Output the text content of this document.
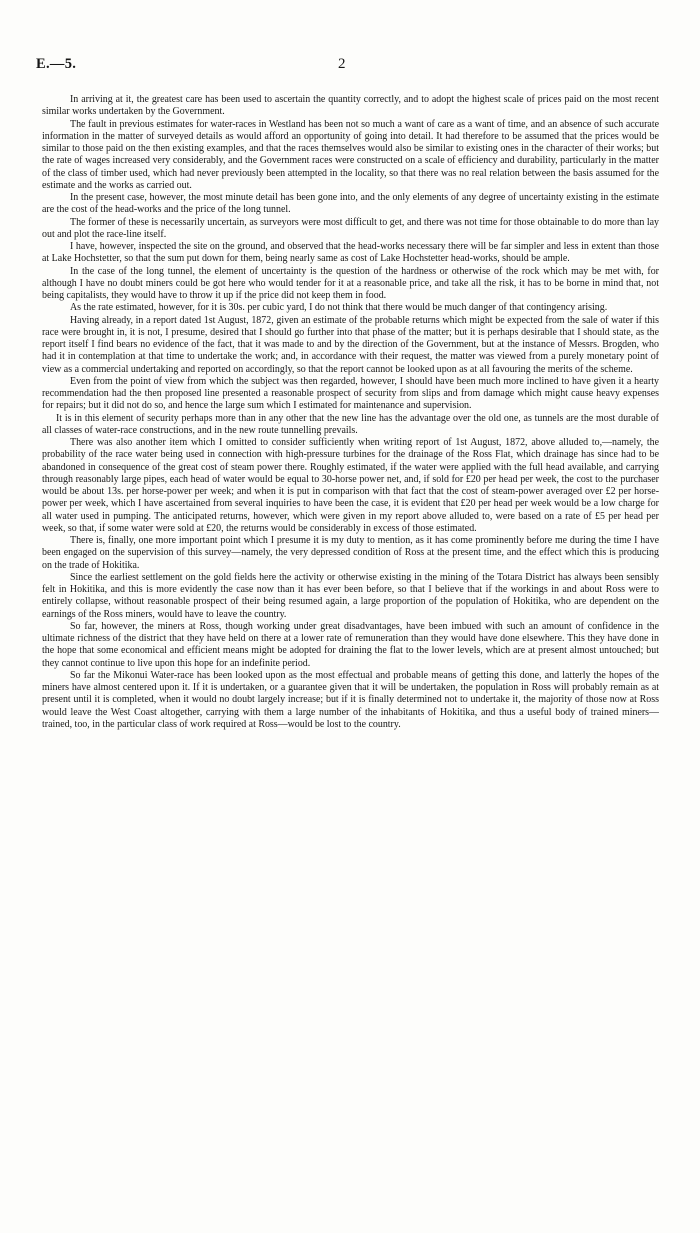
E.—5.	2

In arriving at it, the greatest care has been used to ascertain the quantity correctly, and to adopt the highest scale of prices paid on the most recent similar works undertaken by the Government.

The fault in previous estimates for water-races in Westland has been not so much a want of care as a want of time, and an absence of such accurate information in the matter of surveyed details as would afford an opportunity of going into detail. It had therefore to be assumed that the prices would be similar to those paid on the then existing examples, and that the races themselves would also be similar to existing ones in the character of their works; but the rate of wages increased very considerably, and the Government races were constructed on a scale of efficiency and durability, particularly in the matter of the class of timber used, which had never previously been attempted in the locality, so that there was no real relation between the basis assumed for the estimate and the works as carried out.

In the present case, however, the most minute detail has been gone into, and the only elements of any degree of uncertainty existing in the estimate are the cost of the head-works and the price of the long tunnel.

The former of these is necessarily uncertain, as surveyors were most difficult to get, and there was not time for those obtainable to do more than lay out and plot the race-line itself.

I have, however, inspected the site on the ground, and observed that the head-works necessary there will be far simpler and less in extent than those at Lake Hochstetter, so that the sum put down for them, being nearly same as cost of Lake Hochstetter head-works, should be ample.

In the case of the long tunnel, the element of uncertainty is the question of the hardness or otherwise of the rock which may be met with, for although I have no doubt miners could be got here who would tender for it at a reasonable price, and take all the risk, it has to be borne in mind that, not being capitalists, they would have to throw it up if the price did not keep them in food.

As the rate estimated, however, for it is 30s. per cubic yard, I do not think that there would be much danger of that contingency arising.

Having already, in a report dated 1st August, 1872, given an estimate of the probable returns which might be expected from the sale of water if this race were brought in, it is not, I presume, desired that I should go further into that phase of the matter; but it is perhaps desirable that I should state, as the report itself I find bears no evidence of the fact, that it was made to and by the direction of the Government, but at the instance of Messrs. Brogden, who had it in contemplation at that time to undertake the work; and, in accordance with their request, the matter was viewed from a purely monetary point of view as a commercial undertaking and reported on accordingly, so that the report cannot be looked upon as at all favouring the merits of the scheme.

Even from the point of view from which the subject was then regarded, however, I should have been much more inclined to have given it a hearty recommendation had the then proposed line presented a reasonable prospect of security from slips and from damage which might cause heavy expenses for repairs; but it did not do so, and hence the large sum which I estimated for maintenance and supervision.

It is in this element of security perhaps more than in any other that the new line has the advantage over the old one, as tunnels are the most durable of all classes of water-race constructions, and in the new route tunnelling prevails.

There was also another item which I omitted to consider sufficiently when writing report of 1st August, 1872, above alluded to,—namely, the probability of the race water being used in connection with high-pressure turbines for the drainage of the Ross Flat, which drainage has since had to be abandoned in consequence of the great cost of steam power there. Roughly estimated, if the water were applied with the full head available, and carrying through reasonably large pipes, each head of water would be equal to 30-horse power net, and, if sold for £20 per head per week, the cost to the purchaser would be about 13s. per horse-power per week; and when it is put in comparison with that fact that the cost of steam-power averaged over £2 per horse-power per week, which I have ascertained from several inquiries to have been the case, it is evident that £20 per head per week would be a low charge for all water used in pumping. The anticipated returns, however, which were given in my report above alluded to, were based on a rate of £5 per head per week, so that, if some water were sold at £20, the returns would be considerably in excess of those estimated.

There is, finally, one more important point which I presume it is my duty to mention, as it has come prominently before me during the time I have been engaged on the supervision of this survey—namely, the very depressed condition of Ross at the present time, and the effect which this is producing on the trade of Hokitika.

Since the earliest settlement on the gold fields here the activity or otherwise existing in the mining of the Totara District has always been sensibly felt in Hokitika, and this is more evidently the case now than it has ever been before, so that I believe that if the workings in and about Ross were to entirely collapse, without reasonable prospect of their being resumed again, a large proportion of the population of Hokitika, who are dependent on the earnings of the Ross miners, would have to leave the country.

So far, however, the miners at Ross, though working under great disadvantages, have been imbued with such an amount of confidence in the ultimate richness of the district that they have held on there at a lower rate of remuneration than they would have done elsewhere. This they have done in the hope that some economical and efficient means might be adopted for draining the flat to the lower levels, which are at present almost untouched; but they cannot continue to live upon this hope for an indefinite period.

So far the Mikonui Water-race has been looked upon as the most effectual and probable means of getting this done, and latterly the hopes of the miners have almost centered upon it. If it is undertaken, or a guarantee given that it will be undertaken, the population in Ross will probably remain as at present until it is completed, when it would no doubt largely increase; but if it is finally determined not to undertake it, the majority of those now at Ross would leave the West Coast altogether, carrying with them a large number of the inhabitants of Hokitika, and thus a useful body of trained miners—trained, too, in the particular class of work required at Ross—would be lost to the country.
